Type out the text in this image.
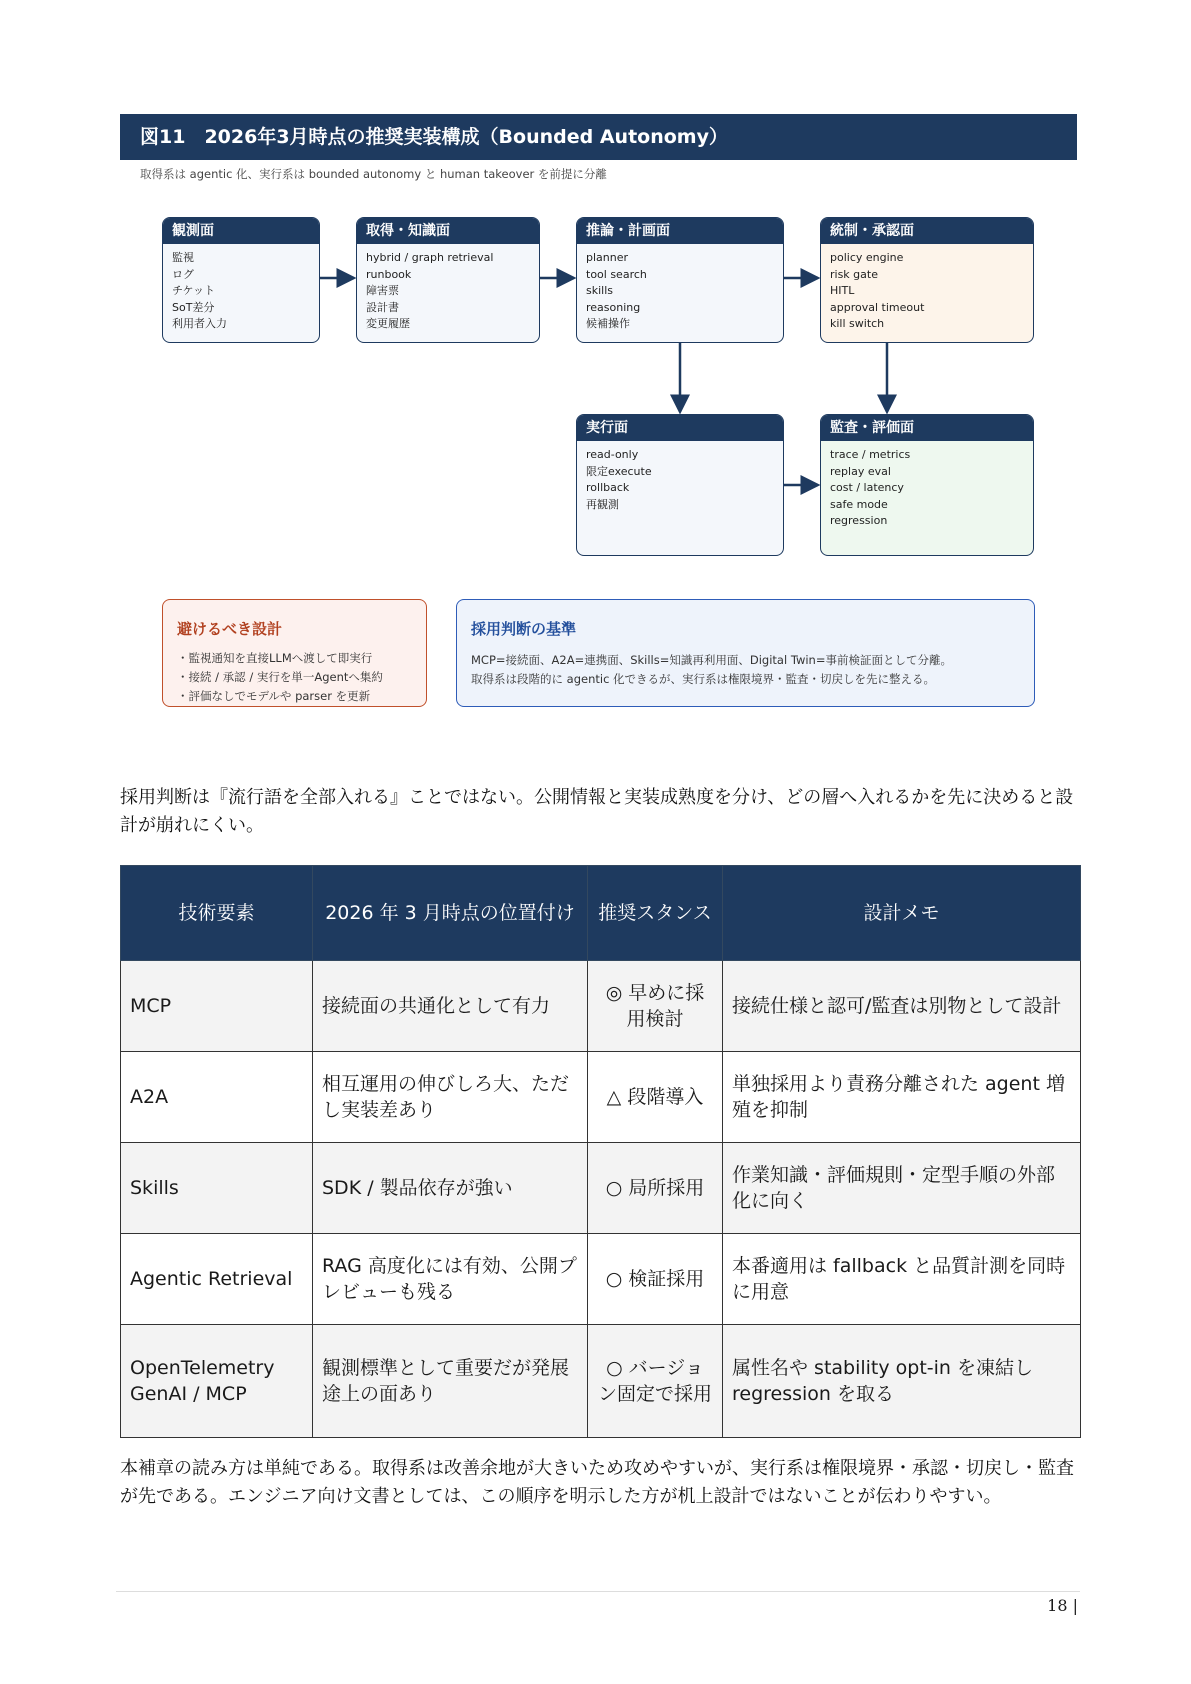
図11　2026年3月時点の推奨実装構成（Bounded Autonomy）
取得系は agentic 化、実行系は bounded autonomy と human takeover を前提に分離
観測面
監視
ログ
チケット
SoT差分
利用者入力
取得・知識面
hybrid / graph retrieval
runbook
障害票
設計書
変更履歴
推論・計画面
planner
tool search
skills
reasoning
候補操作
統制・承認面
policy engine
risk gate
HITL
approval timeout
kill switch
実行面
read-only
限定execute
rollback
再観測
監査・評価面
trace / metrics
replay eval
cost / latency
safe mode
regression
避けるべき設計
・監視通知を直接LLMへ渡して即実行
・接続 / 承認 / 実行を単一Agentへ集約
・評価なしでモデルや parser を更新
採用判断の基準
MCP=接続面、A2A=連携面、Skills=知識再利用面、Digital Twin=事前検証面として分離。
取得系は段階的に agentic 化できるが、実行系は権限境界・監査・切戻しを先に整える。
採用判断は『流行語を全部入れる』ことではない。公開情報と実装成熟度を分け、どの層へ入れるかを先に決めると設計が崩れにくい。
技術要素	2026 年 3 月時点の位置付け	推奨スタンス	設計メモ
MCP	接続面の共通化として有力	◎ 早めに採用検討	接続仕様と認可/監査は別物として設計
A2A	相互運用の伸びしろ大、ただし実装差あり	△ 段階導入	単独採用より責務分離された agent 増殖を抑制
Skills	SDK / 製品依存が強い	○ 局所採用	作業知識・評価規則・定型手順の外部化に向く
Agentic Retrieval	RAG 高度化には有効、公開プレビューも残る	○ 検証採用	本番適用は fallback と品質計測を同時に用意
OpenTelemetry GenAI / MCP	観測標準として重要だが発展途上の面あり	○ バージョン固定で採用	属性名や stability opt-in を凍結し regression を取る
本補章の読み方は単純である。取得系は改善余地が大きいため攻めやすいが、実行系は権限境界・承認・切戻し・監査が先である。エンジニア向け文書としては、この順序を明示した方が机上設計ではないことが伝わりやすい。
18 |
